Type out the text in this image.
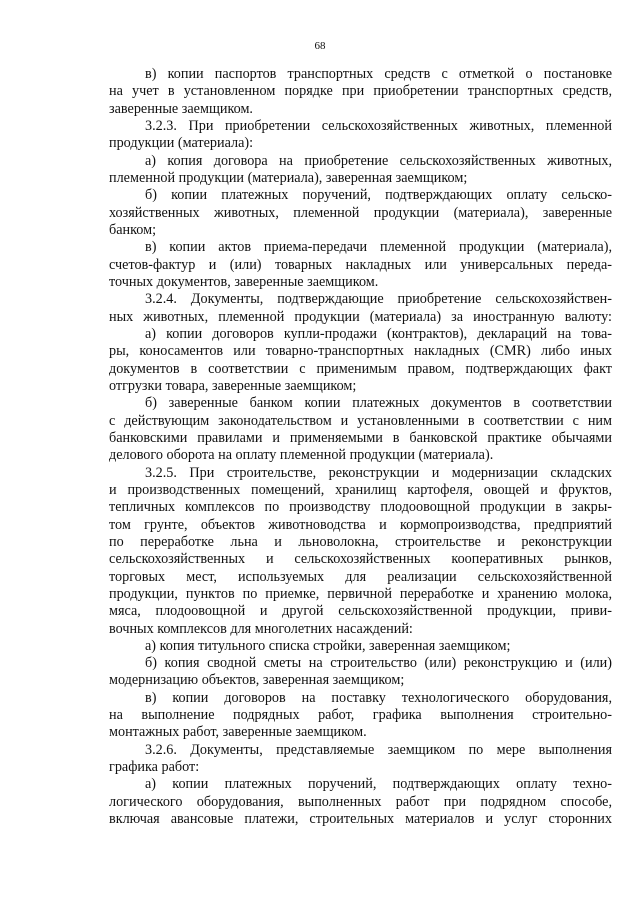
68
в) копии паспортов транспортных средств с отметкой о постановке
на учет в установленном порядке при приобретении транспортных средств,
заверенные заемщиком.
3.2.3. При приобретении сельскохозяйственных животных, племенной
продукции (материала):
а) копия договора на приобретение сельскохозяйственных животных,
племенной продукции (материала), заверенная заемщиком;
б) копии платежных поручений, подтверждающих оплату сельско-
хозяйственных животных, племенной продукции (материала), заверенные
банком;
в) копии актов приема-передачи племенной продукции (материала),
счетов-фактур и (или) товарных накладных или универсальных переда-
точных документов, заверенные заемщиком.
3.2.4. Документы, подтверждающие приобретение сельскохозяйствен-
ных животных, племенной продукции (материала) за иностранную валюту:
а) копии договоров купли-продажи (контрактов), деклараций на това-
ры, коносаментов или товарно-транспортных накладных (CMR) либо иных
документов в соответствии с применимым правом, подтверждающих факт
отгрузки товара, заверенные заемщиком;
б) заверенные банком копии платежных документов в соответствии
с действующим законодательством и установленными в соответствии с ним
банковскими правилами и применяемыми в банковской практике обычаями
делового оборота на оплату племенной продукции (материала).
3.2.5. При строительстве, реконструкции и модернизации складских
и производственных помещений, хранилищ картофеля, овощей и фруктов,
тепличных комплексов по производству плодоовощной продукции в закры-
том грунте, объектов животноводства и кормопроизводства, предприятий
по переработке льна и льноволокна, строительстве и реконструкции
сельскохозяйственных и сельскохозяйственных кооперативных рынков,
торговых мест, используемых для реализации сельскохозяйственной
продукции, пунктов по приемке, первичной переработке и хранению молока,
мяса, плодоовощной и другой сельскохозяйственной продукции, приви-
вочных комплексов для многолетних насаждений:
а) копия титульного списка стройки, заверенная заемщиком;
б) копия сводной сметы на строительство (или) реконструкцию и (или)
модернизацию объектов, заверенная заемщиком;
в) копии договоров на поставку технологического оборудования,
на выполнение подрядных работ, графика выполнения строительно-
монтажных работ, заверенные заемщиком.
3.2.6. Документы, представляемые заемщиком по мере выполнения
графика работ:
а) копии платежных поручений, подтверждающих оплату техно-
логического оборудования, выполненных работ при подрядном способе,
включая авансовые платежи, строительных материалов и услуг сторонних
